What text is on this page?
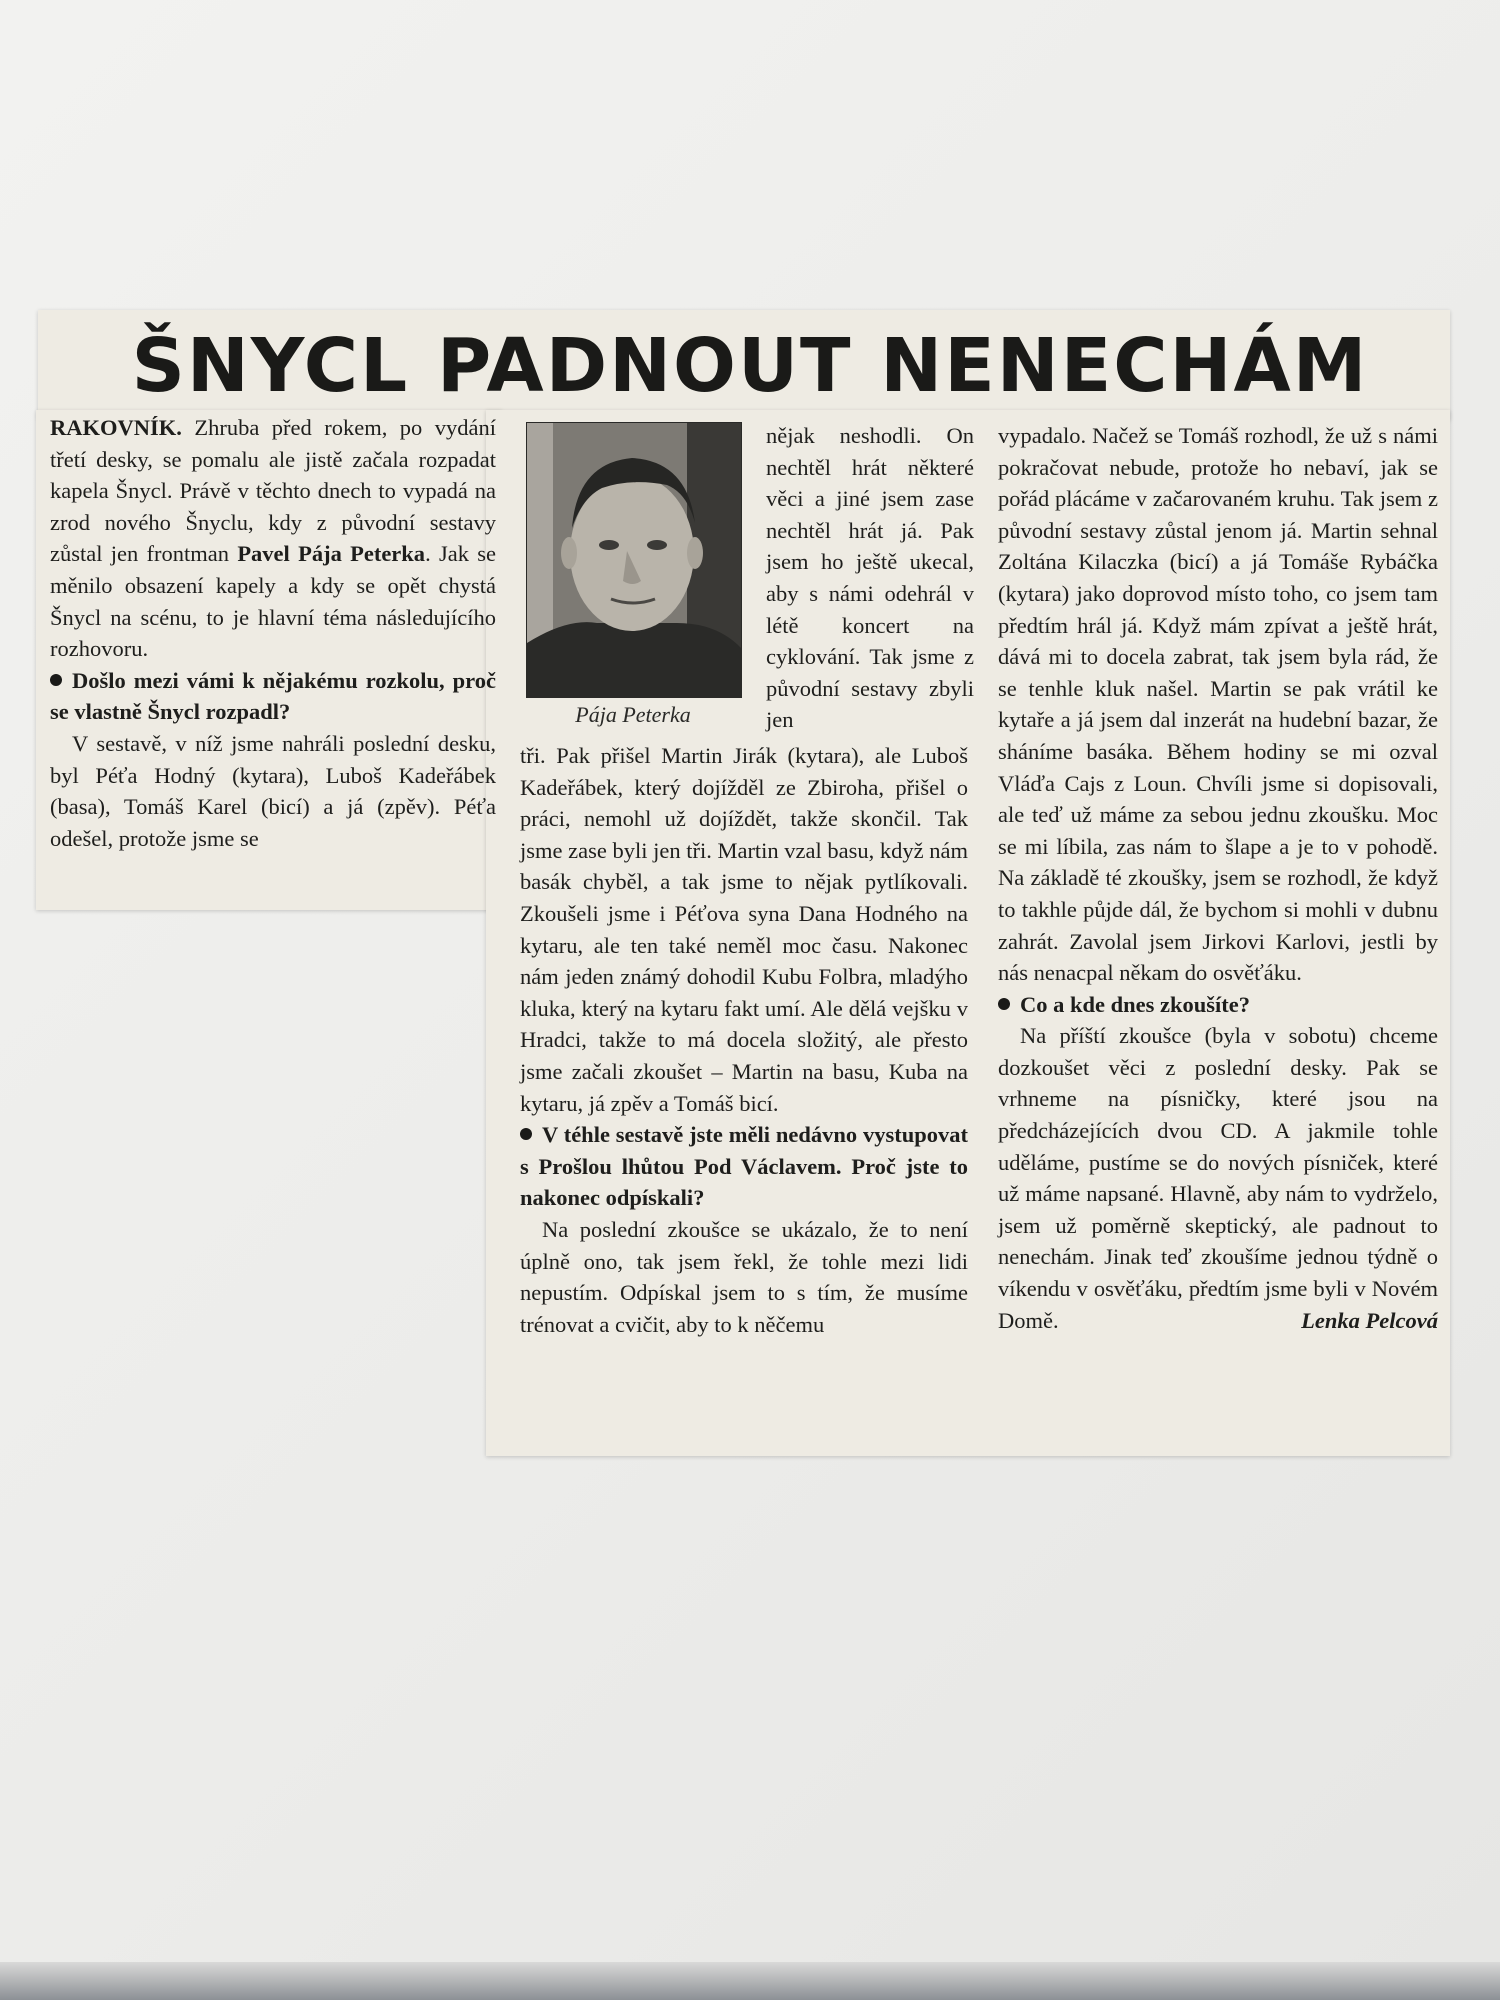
ŠNYCL PADNOUT NENECHÁM

RAKOVNÍK. Zhruba před rokem, po vydání třetí desky, se pomalu ale jistě začala rozpadat kapela Šnycl. Právě v těchto dnech to vypadá na zrod nového Šnyclu, kdy z původní sestavy zůstal jen frontman Pavel Pája Peterka. Jak se měnilo obsazení kapely a kdy se opět chystá Šnycl na scénu, to je hlavní téma následujícího rozhovoru.

Došlo mezi vámi k nějakému rozkolu, proč se vlastně Šnycl rozpadl?

V sestavě, v níž jsme nahráli poslední desku, byl Péťa Hodný (kytara), Luboš Kadeřábek (basa), Tomáš Karel (bicí) a já (zpěv). Péťa odešel, protože jsme se

Pája Peterka

nějak neshodli. On nechtěl hrát některé věci a jiné jsem zase nechtěl hrát já. Pak jsem ho ještě ukecal, aby s námi odehrál v létě koncert na cyklování. Tak jsme z původní sestavy zbyli jen

tři. Pak přišel Martin Jirák (kytara), ale Luboš Kadeřábek, který dojížděl ze Zbiroha, přišel o práci, nemohl už dojíždět, takže skončil. Tak jsme zase byli jen tři. Martin vzal basu, když nám basák chyběl, a tak jsme to nějak pytlíkovali. Zkoušeli jsme i Péťova syna Dana Hodného na kytaru, ale ten také neměl moc času. Nakonec nám jeden známý dohodil Kubu Folbra, mladýho kluka, který na kytaru fakt umí. Ale dělá vejšku v Hradci, takže to má docela složitý, ale přesto jsme začali zkoušet – Martin na basu, Kuba na kytaru, já zpěv a Tomáš bicí.

V téhle sestavě jste měli nedávno vystupovat s Prošlou lhůtou Pod Václavem. Proč jste to nakonec odpískali?

Na poslední zkoušce se ukázalo, že to není úplně ono, tak jsem řekl, že tohle mezi lidi nepustím. Odpískal jsem to s tím, že musíme trénovat a cvičit, aby to k něčemu

vypadalo. Načež se Tomáš rozhodl, že už s námi pokračovat nebude, protože ho nebaví, jak se pořád plácáme v začarovaném kruhu. Tak jsem z původní sestavy zůstal jenom já. Martin sehnal Zoltána Kilaczka (bicí) a já Tomáše Rybáčka (kytara) jako doprovod místo toho, co jsem tam předtím hrál já. Když mám zpívat a ještě hrát, dává mi to docela zabrat, tak jsem byla rád, že se tenhle kluk našel. Martin se pak vrátil ke kytaře a já jsem dal inzerát na hudební bazar, že sháníme basáka. Během hodiny se mi ozval Vláďa Cajs z Loun. Chvíli jsme si dopisovali, ale teď už máme za sebou jednu zkoušku. Moc se mi líbila, zas nám to šlape a je to v pohodě. Na základě té zkoušky, jsem se rozhodl, že když to takhle půjde dál, že bychom si mohli v dubnu zahrát. Zavolal jsem Jirkovi Karlovi, jestli by nás nenacpal někam do osvěťáku.

Co a kde dnes zkoušíte?

Na příští zkoušce (byla v sobotu) chceme dozkoušet věci z poslední desky. Pak se vrhneme na písničky, které jsou na předcházejících dvou CD. A jakmile tohle uděláme, pustíme se do nových písniček, které už máme napsané. Hlavně, aby nám to vydrželo, jsem už poměrně skeptický, ale padnout to nenechám. Jinak teď zkoušíme jednou týdně o víkendu v osvěťáku, předtím jsme byli v Novém Domě.	Lenka Pelcová
